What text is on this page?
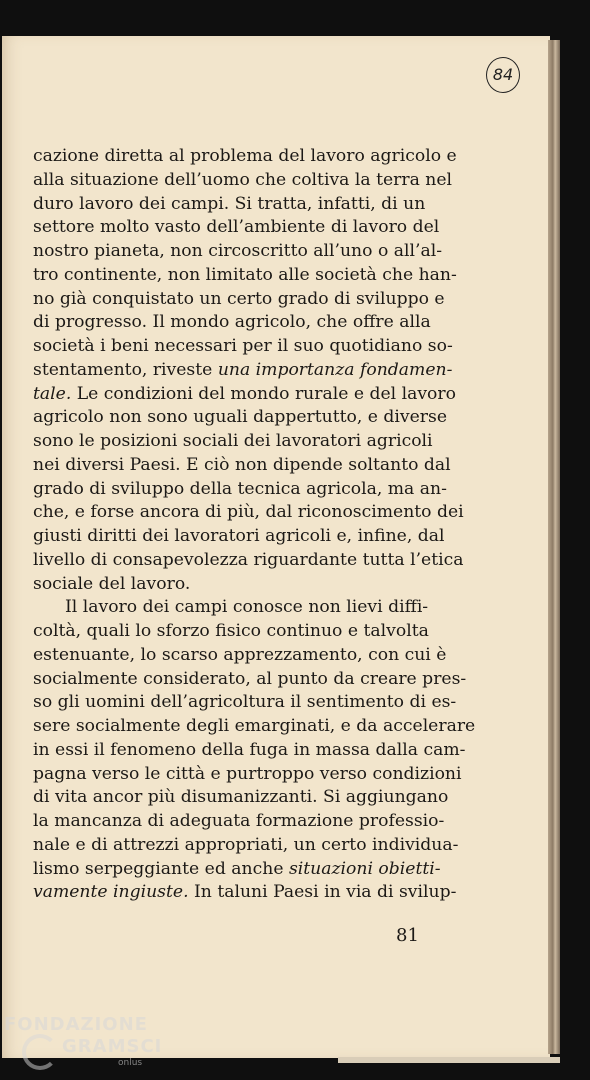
84
cazione diretta al problema del lavoro agricolo e
alla situazione dell’uomo che coltiva la terra nel
duro lavoro dei campi. Si tratta, infatti, di un
settore molto vasto dell’ambiente di lavoro del
nostro pianeta, non circoscritto all’uno o all’al-
tro continente, non limitato alle società che han-
no già conquistato un certo grado di sviluppo e
di progresso. Il mondo agricolo, che offre alla
società i beni necessari per il suo quotidiano so-
stentamento, riveste una importanza fondamen-
tale. Le condizioni del mondo rurale e del lavoro
agricolo non sono uguali dappertutto, e diverse
sono le posizioni sociali dei lavoratori agricoli
nei diversi Paesi. E ciò non dipende soltanto dal
grado di sviluppo della tecnica agricola, ma an-
che, e forse ancora di più, dal riconoscimento dei
giusti diritti dei lavoratori agricoli e, infine, dal
livello di consapevolezza riguardante tutta l’etica
sociale del lavoro.
Il lavoro dei campi conosce non lievi diffi-
coltà, quali lo sforzo fisico continuo e talvolta
estenuante, lo scarso apprezzamento, con cui è
socialmente considerato, al punto da creare pres-
so gli uomini dell’agricoltura il sentimento di es-
sere socialmente degli emarginati, e da accelerare
in essi il fenomeno della fuga in massa dalla cam-
pagna verso le città e purtroppo verso condizioni
di vita ancor più disumanizzanti. Si aggiungano
la mancanza di adeguata formazione professio-
nale e di attrezzi appropriati, un certo individua-
lismo serpeggiante ed anche situazioni obietti-
vamente ingiuste. In taluni Paesi in via di svilup-
81
FONDAZIONE
GRAMSCI
onlus
